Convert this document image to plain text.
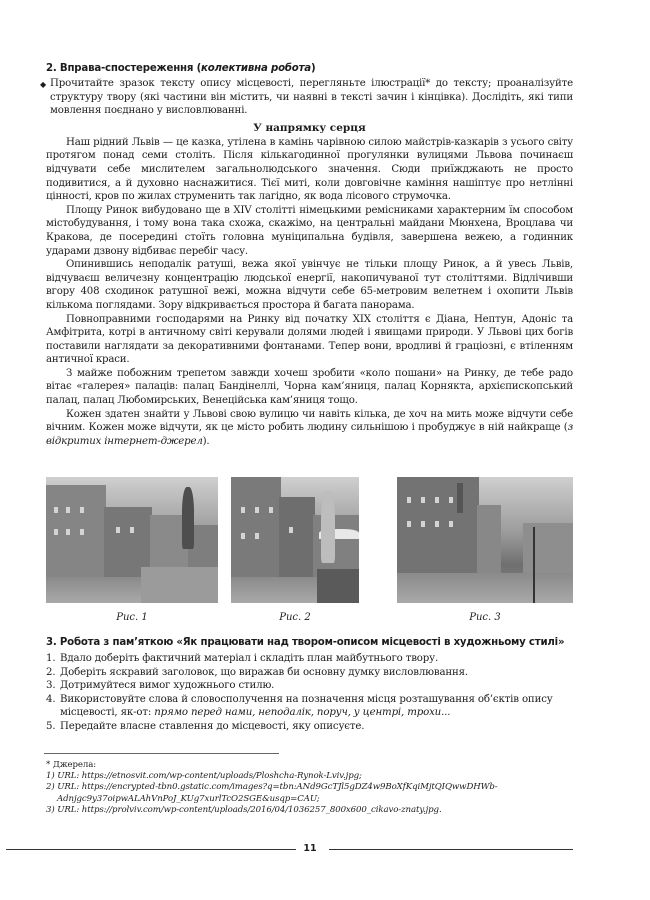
2. Вправа-спостереження (колективна робота)

◆ Прочитайте зразок тексту опису місцевості, перегляньте ілюстрації* до тексту; проаналізуйте структуру твору (які частини він містить, чи наявні в тексті зачин і кінцівка). Дослідіть, які типи мовлення поєднано у висловлюванні.

У напрямку серця

Наш рідний Львів — це казка, утілена в камінь чарівною силою майстрів-казкарів з усього світу протягом понад семи століть. Після кількагодинної прогулянки вулицями Львова починаєш відчувати себе мислителем загальнолюдського значення. Сюди приїжджають не просто подивитися, а й духовно наснажитися. Тієї миті, коли довговічне каміння нашіптує про нетлінні цінності, кров по жилах струменить так лагідно, як вода лісового струмочка.

Площу Ринок вибудовано ще в XIV столітті німецькими ремісниками характерним їм способом містобудування, і тому вона така схожа, скажімо, на центральні майдани Мюнхена, Вроцлава чи Кракова, де посередині стоїть головна муніципальна будівля, завершена вежею, а годинник ударами дзвону відбиває перебіг часу.

Опинившись неподалік ратуші, вежа якої увінчує не тільки площу Ринок, а й увесь Львів, відчуваєш величезну концентрацію людської енергії, накопичуваної тут століттями. Відлічивши вгору 408 сходинок ратушної вежі, можна відчути себе 65-метровим велетнем і охопити Львів кількома поглядами. Зору відкривається простора й багата панорама.

Повноправними господарями на Ринку від початку XIX століття є Діана, Нептун, Адоніс та Амфітрита, котрі в античному світі керували долями людей і явищами природи. У Львові цих богів поставили наглядати за декоративними фонтанами. Тепер вони, вродливі й граціозні, є втіленням античної краси.

З майже побожним трепетом завжди хочеш зробити «коло пошани» на Ринку, де тебе радо вітає «галерея» палаців: палац Бандінеллі, Чорна кам’яниця, палац Корнякта, архієпископський палац, палац Любомирських, Венеційська кам’яниця тощо.

Кожен здатен знайти у Львові свою вулицю чи навіть кілька, де хоч на мить може відчути себе вічним. Кожен може відчути, як це місто робить людину сильнішою і пробуджує в ній найкраще (з відкритих інтернет-джерел).

Рис. 1	Рис. 2	Рис. 3

3. Робота з пам’яткою «Як працювати над твором-описом місцевості в художньому стилі»

1. Вдало доберіть фактичний матеріал і складіть план майбутнього твору.
2. Доберіть яскравий заголовок, що виражав би основну думку висловлювання.
3. Дотримуйтеся вимог художнього стилю.
4. Використовуйте слова й словосполучення на позначення місця розташування об’єктів опису місцевості, як-от: прямо перед нами, неподалік, поруч, у центрі, трохи...
5. Передайте власне ставлення до місцевості, яку описуєте.

* Джерела:

1) URL: https://etnosvit.com/wp-content/uploads/Ploshcha-Rynok-Lviv.jpg;

2) URL: https://encrypted-tbn0.gstatic.com/images?q=tbn:ANd9GcTJl5gDZ4w9BoXfKqiMjtQIQwwDHWb-

Adnjgc9y37oipwALAhVnPoJ_KUg7xurlTcO2SGE&usqp=CAU;

3) URL: https://prolviv.com/wp-content/uploads/2016/04/1036257_800x600_cikavo-znaty.jpg.

11
